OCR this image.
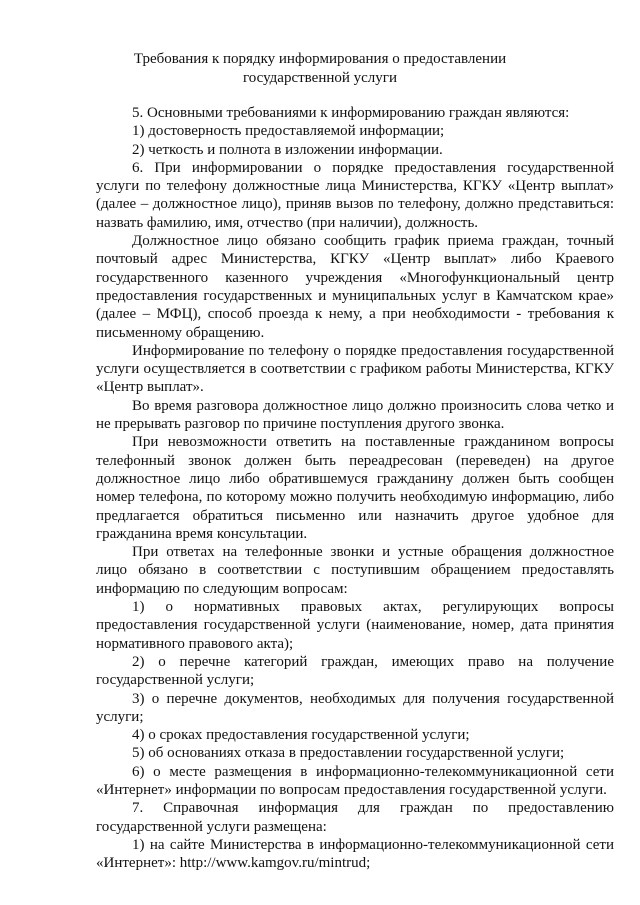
Требования к порядку информирования о предоставлении государственной услуги

5. Основными требованиями к информированию граждан являются:

1) достоверность предоставляемой информации;

2) четкость и полнота в изложении информации.

6. При информировании о порядке предоставления государственной услуги по телефону должностные лица Министерства, КГКУ «Центр выплат» (далее – должностное лицо), приняв вызов по телефону, должно представиться: назвать фамилию, имя, отчество (при наличии), должность.

Должностное лицо обязано сообщить график приема граждан, точный почтовый адрес Министерства, КГКУ «Центр выплат» либо Краевого государственного казенного учреждения «Многофункциональный центр предоставления государственных и муниципальных услуг в Камчатском крае» (далее – МФЦ), способ проезда к нему, а при необходимости - требования к письменному обращению.

Информирование по телефону о порядке предоставления государственной услуги осуществляется в соответствии с графиком работы Министерства, КГКУ «Центр выплат».

Во время разговора должностное лицо должно произносить слова четко и не прерывать разговор по причине поступления другого звонка.

При невозможности ответить на поставленные гражданином вопросы телефонный звонок должен быть переадресован (переведен) на другое должностное лицо либо обратившемуся гражданину должен быть сообщен номер телефона, по которому можно получить необходимую информацию, либо предлагается обратиться письменно или назначить другое удобное для гражданина время консультации.

При ответах на телефонные звонки и устные обращения должностное лицо обязано в соответствии с поступившим обращением предоставлять информацию по следующим вопросам:

1) о нормативных правовых актах, регулирующих вопросы предоставления государственной услуги (наименование, номер, дата принятия нормативного правового акта);

2) о перечне категорий граждан, имеющих право на получение государственной услуги;

3) о перечне документов, необходимых для получения государственной услуги;

4) о сроках предоставления государственной услуги;

5) об основаниях отказа в предоставлении государственной услуги;

6) о месте размещения в информационно-телекоммуникационной сети «Интернет» информации по вопросам предоставления государственной услуги.

7. Справочная информация для граждан по предоставлению государственной услуги размещена:

1) на сайте Министерства в информационно-телекоммуникационной сети «Интернет»: http://www.kamgov.ru/mintrud;
